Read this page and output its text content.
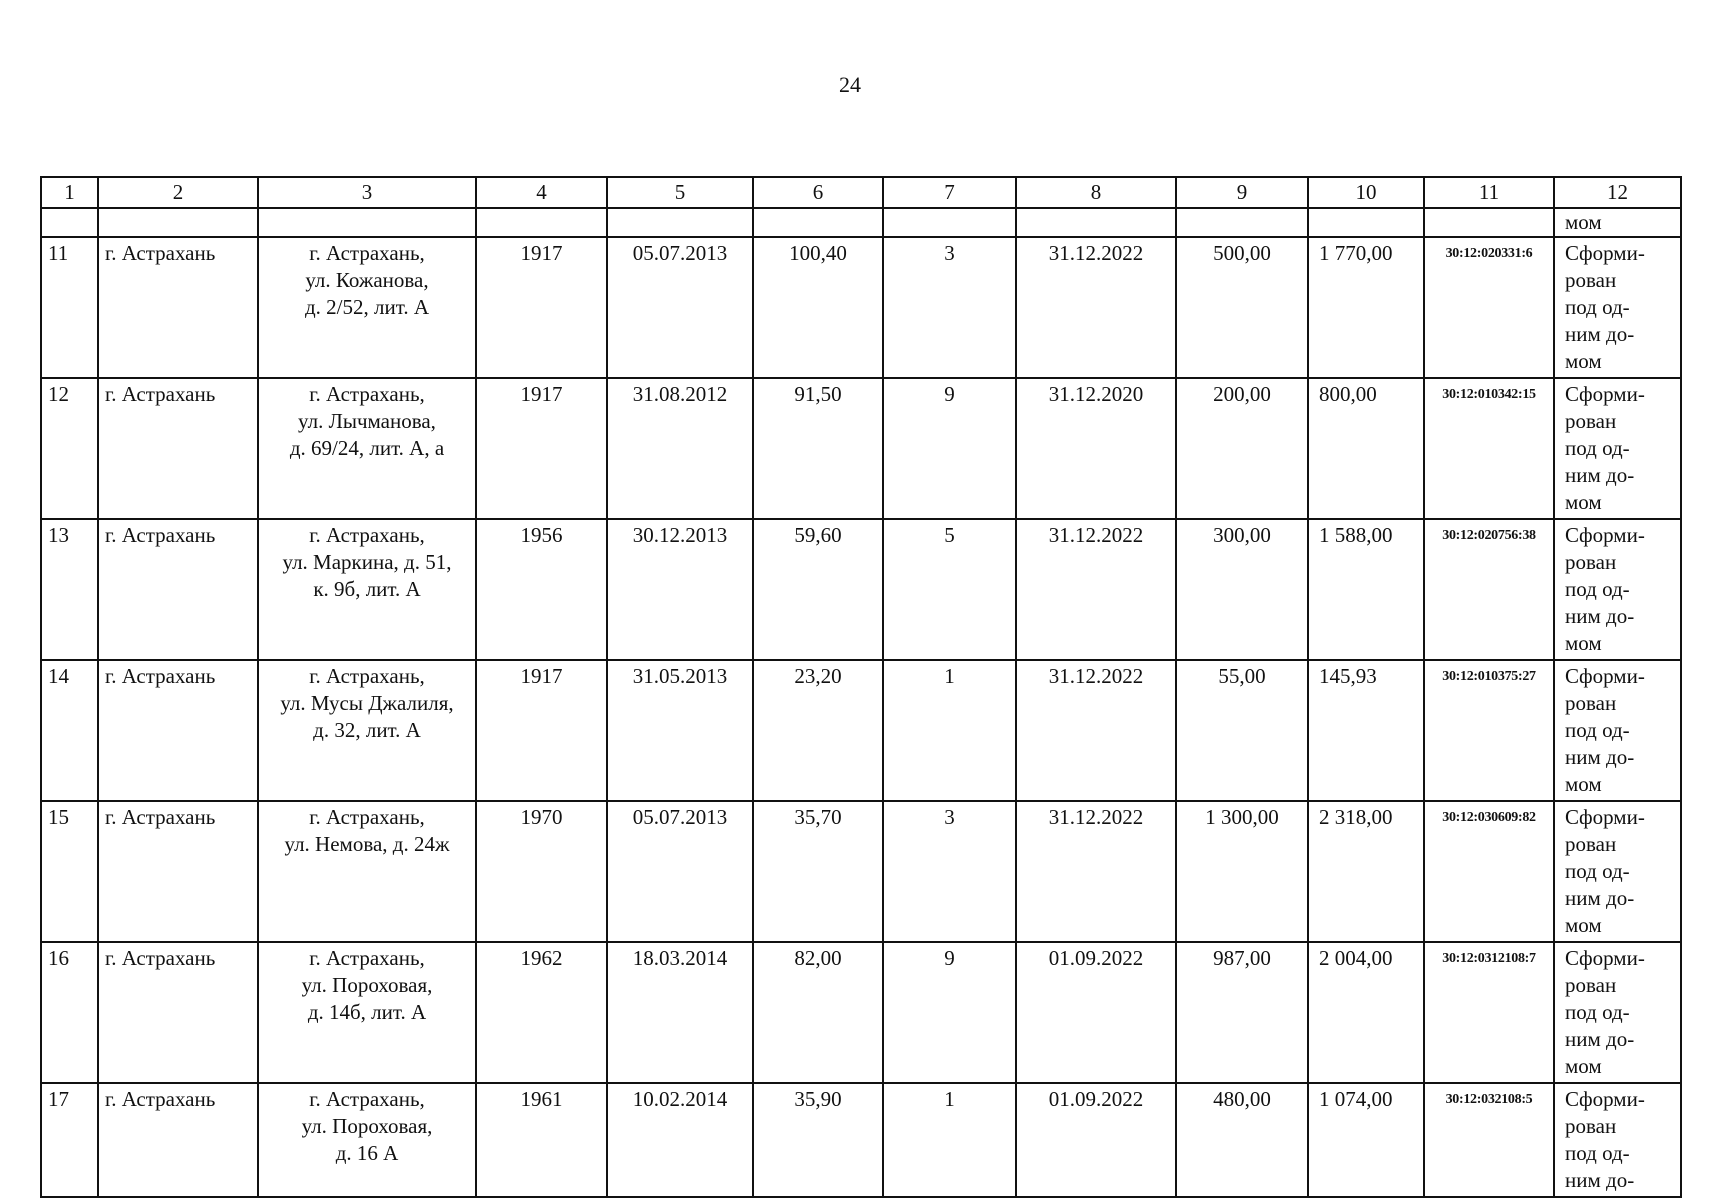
24
1	2	3	4	5	6	7	8	9	10	11	12
											мом
11	г. Астрахань	г. Астрахань,
ул. Кожанова,
д. 2/52, лит. А	1917	05.07.2013	100,40	3	31.12.2022	500,00	1 770,00	30:12:020331:6	Сформи-
рован
под од-
ним до-
мом
12	г. Астрахань	г. Астрахань,
ул. Лычманова,
д. 69/24, лит. А, а	1917	31.08.2012	91,50	9	31.12.2020	200,00	800,00	30:12:010342:15	Сформи-
рован
под од-
ним до-
мом
13	г. Астрахань	г. Астрахань,
ул. Маркина, д. 51,
к. 9б, лит. А	1956	30.12.2013	59,60	5	31.12.2022	300,00	1 588,00	30:12:020756:38	Сформи-
рован
под од-
ним до-
мом
14	г. Астрахань	г. Астрахань,
ул. Мусы Джалиля,
д. 32, лит. А	1917	31.05.2013	23,20	1	31.12.2022	55,00	145,93	30:12:010375:27	Сформи-
рован
под од-
ним до-
мом
15	г. Астрахань	г. Астрахань,
ул. Немова, д. 24ж	1970	05.07.2013	35,70	3	31.12.2022	1 300,00	2 318,00	30:12:030609:82	Сформи-
рован
под од-
ним до-
мом
16	г. Астрахань	г. Астрахань,
ул. Пороховая,
д. 14б, лит. А	1962	18.03.2014	82,00	9	01.09.2022	987,00	2 004,00	30:12:0312108:7	Сформи-
рован
под од-
ним до-
мом
17	г. Астрахань	г. Астрахань,
ул. Пороховая,
д. 16 А	1961	10.02.2014	35,90	1	01.09.2022	480,00	1 074,00	30:12:032108:5	Сформи-
рован
под од-
ним до-
